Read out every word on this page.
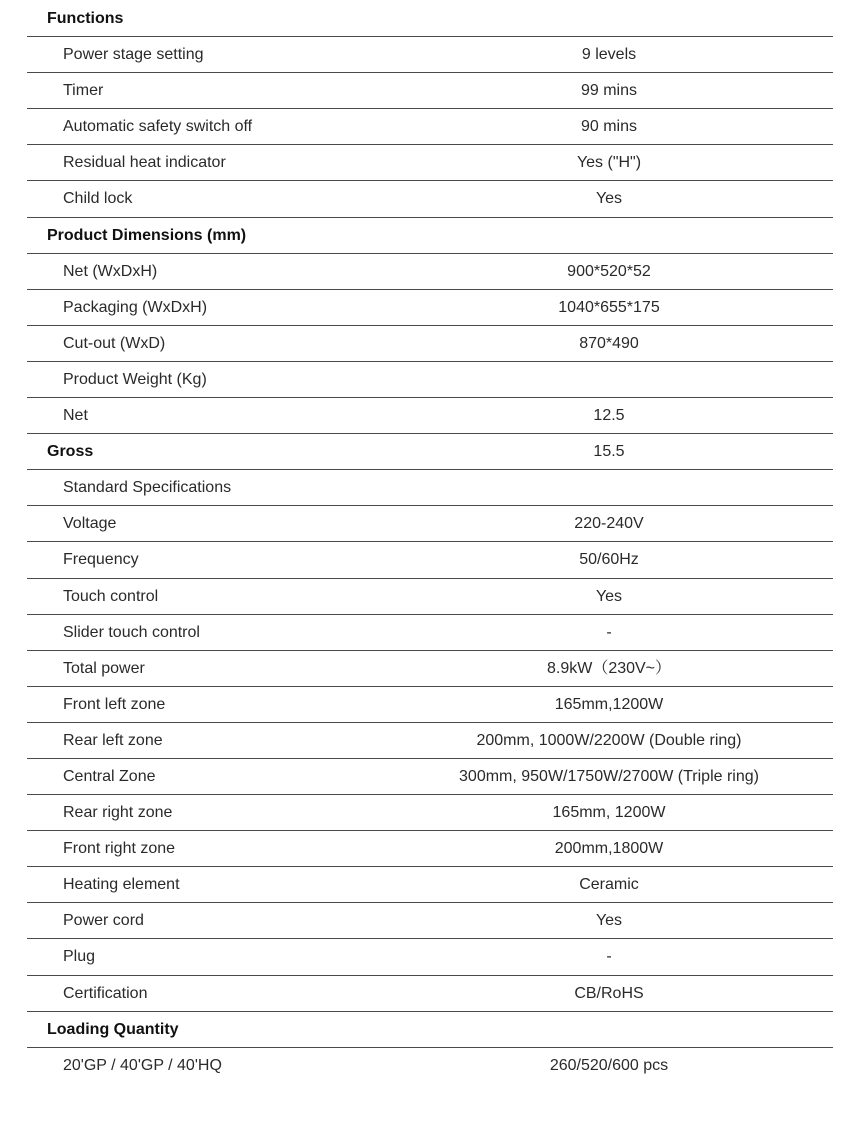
Functions
Power stage setting	9 levels
Timer	99 mins
Automatic safety switch off	90 mins
Residual heat indicator	Yes ("H")
Child lock	Yes
Product Dimensions (mm)
Net (WxDxH)	900*520*52
Packaging (WxDxH)	1040*655*175
Cut-out (WxD)	870*490
Product Weight (Kg)
Net	12.5
Gross	15.5
Standard Specifications
Voltage	220-240V
Frequency	50/60Hz
Touch control	Yes
Slider touch control	-
Total power	8.9kW（230V~）
Front left zone	165mm,1200W
Rear left zone	200mm, 1000W/2200W (Double ring)
Central Zone	300mm, 950W/1750W/2700W (Triple ring)
Rear right zone	165mm, 1200W
Front right zone	200mm,1800W
Heating element	Ceramic
Power cord	Yes
Plug	-
Certification	CB/RoHS
Loading Quantity
20'GP / 40'GP / 40'HQ	260/520/600 pcs
